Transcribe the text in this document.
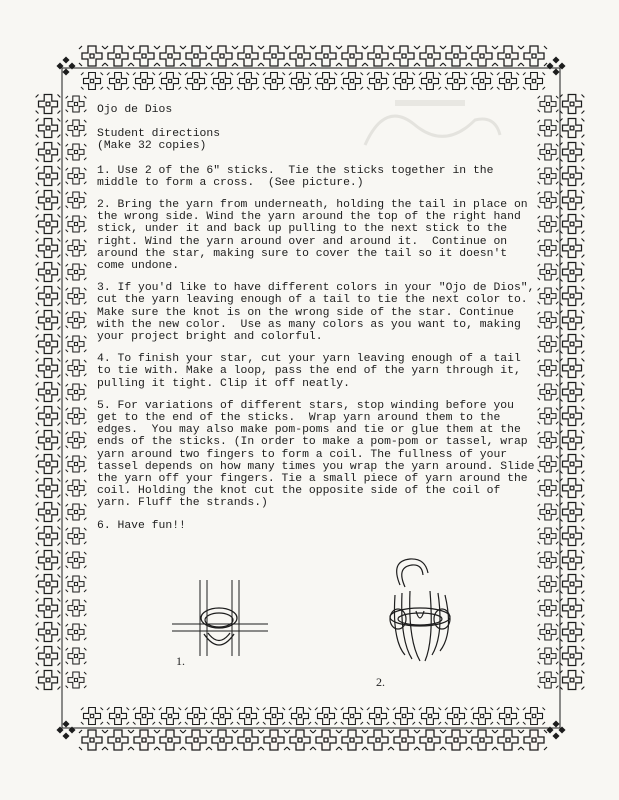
Ojo de Dios

Student directions

(Make 32 copies)

1. Use 2 of the 6" sticks.  Tie the sticks together in the middle to form a cross.  (See picture.)

2. Bring the yarn from underneath, holding the tail in place on the wrong side. Wind the yarn around the top of the right hand stick, under it and back up pulling to the next stick to the right. Wind the yarn around over and around it.  Continue on around the star, making sure to cover the tail so it doesn't come undone.

3. If you'd like to have different colors in your "Ojo de Dios", cut the yarn leaving enough of a tail to tie the next color to.  Make sure the knot is on the wrong side of the star. Continue with the new color.  Use as many colors as you want to, making your project bright and colorful.

4. To finish your star, cut your yarn leaving enough of a tail to tie with. Make a loop, pass the end of the yarn through it, pulling it tight. Clip it off neatly.

5. For variations of different stars, stop winding before you get to the end of the sticks.  Wrap yarn around them to the edges.  You may also make pom-poms and tie or glue them at the ends of the sticks. (In order to make a pom-pom or tassel, wrap yarn around two fingers to form a coil. The fullness of your tassel depends on how many times you wrap the yarn around. Slide the yarn off your fingers. Tie a small piece of yarn around the coil. Holding the knot cut the opposite side of the coil of yarn. Fluff the strands.)

6. Have fun!!

1.
2.
